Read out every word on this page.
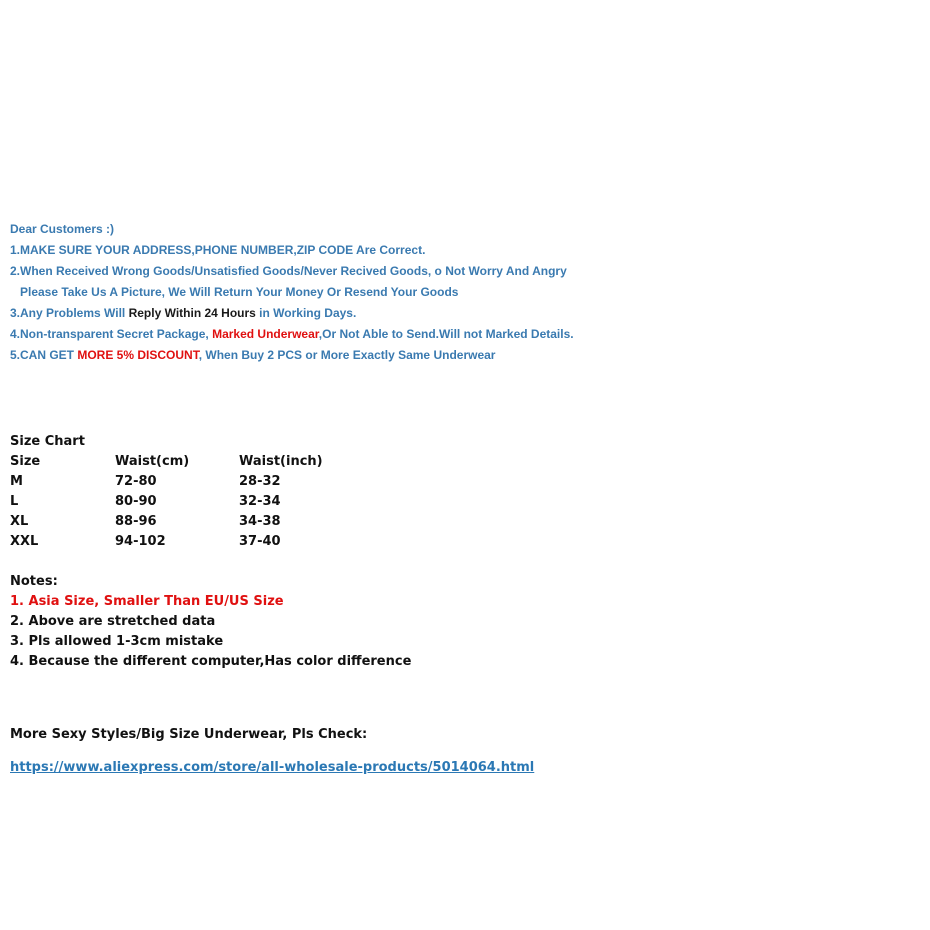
Dear Customers :)
1.MAKE SURE YOUR ADDRESS,PHONE NUMBER,ZIP CODE Are Correct.
2.When Received Wrong Goods/Unsatisfied Goods/Never Recived Goods, o Not Worry And Angry
Please Take Us A Picture, We Will Return Your Money Or Resend Your Goods
3.Any Problems Will Reply Within 24 Hours in Working Days.
4.Non-transparent Secret Package, Marked Underwear,Or Not Able to Send.Will not Marked Details.
5.CAN GET MORE 5% DISCOUNT, When Buy 2 PCS or More Exactly Same Underwear
Size Chart
Size	Waist(cm)	Waist(inch)
M	72-80	28-32
L	80-90	32-34
XL	88-96	34-38
XXL	94-102	37-40
Notes:
1. Asia Size, Smaller Than EU/US Size
2. Above are stretched data
3. Pls allowed 1-3cm mistake
4. Because the different computer,Has color difference
More Sexy Styles/Big Size Underwear, Pls Check:
https://www.aliexpress.com/store/all-wholesale-products/5014064.html
